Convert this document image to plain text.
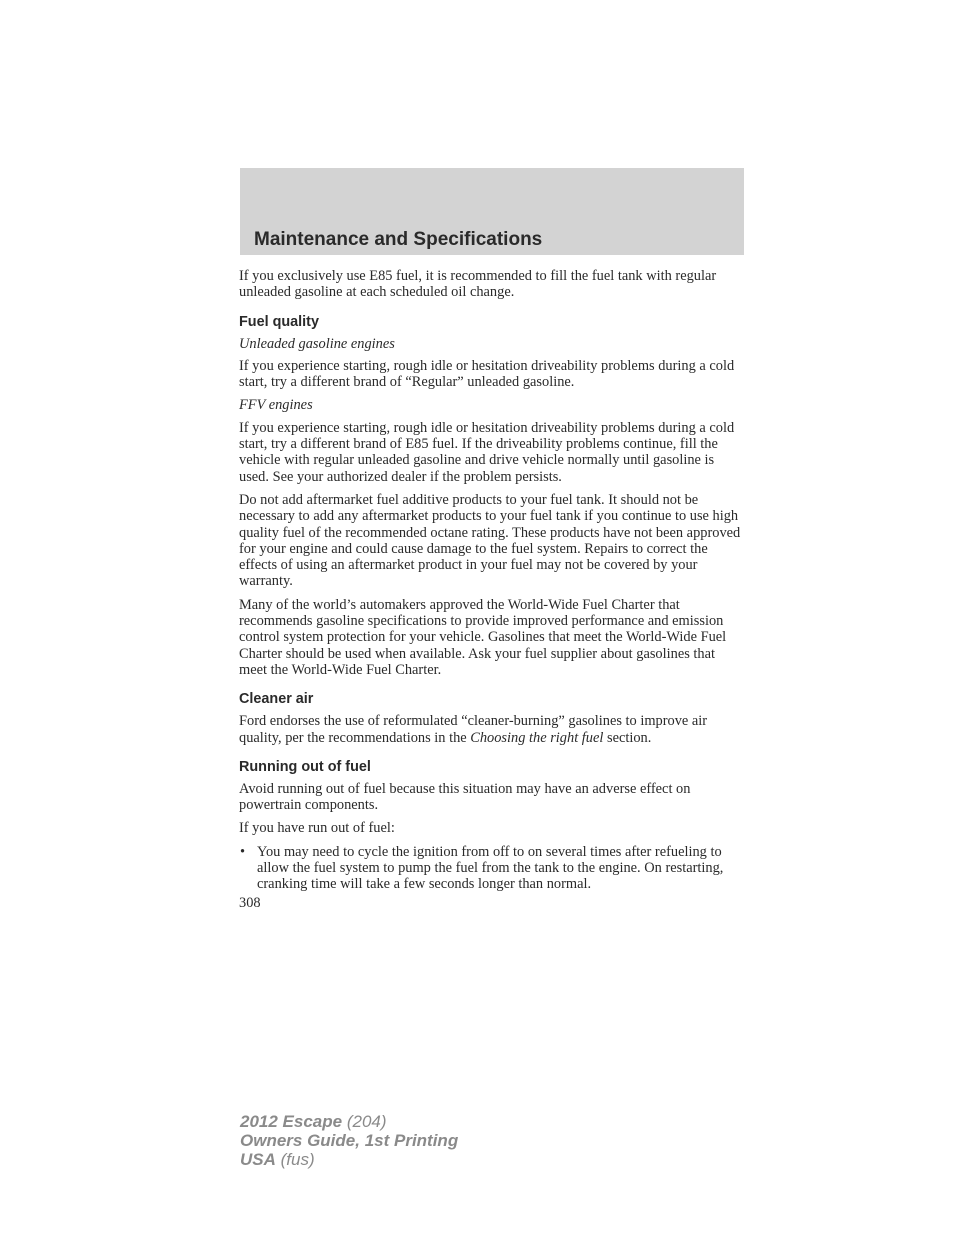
Maintenance and Specifications

If you exclusively use E85 fuel, it is recommended to fill the fuel tank with regular unleaded gasoline at each scheduled oil change.

Fuel quality

Unleaded gasoline engines

If you experience starting, rough idle or hesitation driveability problems during a cold start, try a different brand of “Regular” unleaded gasoline.

FFV engines

If you experience starting, rough idle or hesitation driveability problems during a cold start, try a different brand of E85 fuel. If the driveability problems continue, fill the vehicle with regular unleaded gasoline and drive vehicle normally until gasoline is used. See your authorized dealer if the problem persists.

Do not add aftermarket fuel additive products to your fuel tank. It should not be necessary to add any aftermarket products to your fuel tank if you continue to use high quality fuel of the recommended octane rating. These products have not been approved for your engine and could cause damage to the fuel system. Repairs to correct the effects of using an aftermarket product in your fuel may not be covered by your warranty.

Many of the world’s automakers approved the World-Wide Fuel Charter that recommends gasoline specifications to provide improved performance and emission control system protection for your vehicle. Gasolines that meet the World-Wide Fuel Charter should be used when available. Ask your fuel supplier about gasolines that meet the World-Wide Fuel Charter.

Cleaner air

Ford endorses the use of reformulated “cleaner-burning” gasolines to improve air quality, per the recommendations in the Choosing the right fuel section.

Running out of fuel

Avoid running out of fuel because this situation may have an adverse effect on powertrain components.

If you have run out of fuel:

• You may need to cycle the ignition from off to on several times after refueling to allow the fuel system to pump the fuel from the tank to the engine. On restarting, cranking time will take a few seconds longer than normal.
308
2012 Escape (204)
Owners Guide, 1st Printing
USA (fus)
